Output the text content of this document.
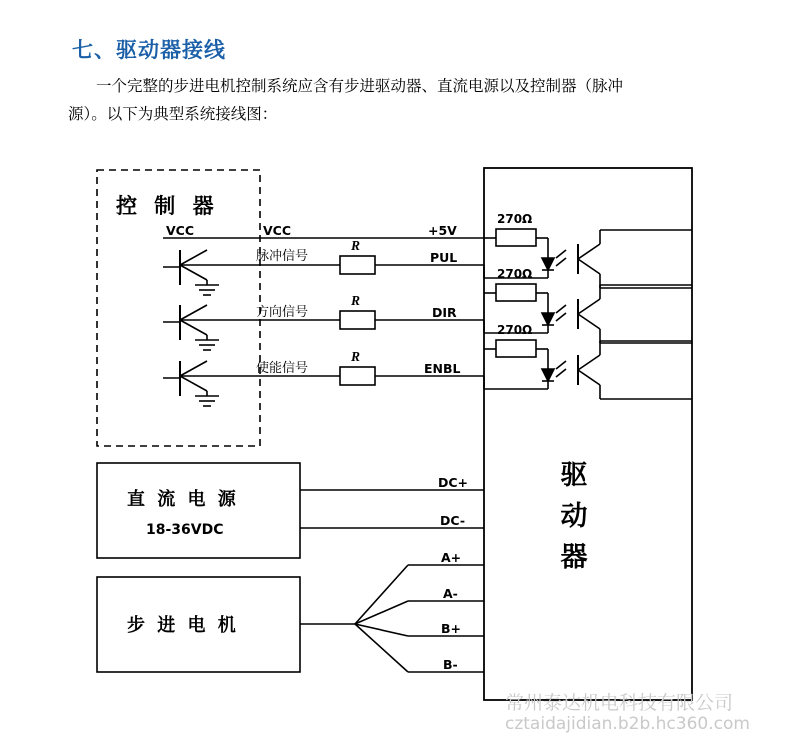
七、驱动器接线
一个完整的步进电机控制系统应含有步进驱动器、直流电源以及控制器（脉冲
源）。以下为典型系统接线图：
控 制 器
VCC	VCC
脉冲信号
方向信号
使能信号
R
R
R
+5V
PUL
DIR
ENBL
270Ω
270Ω
270Ω
DC+
DC-
A+
A-
B+
B-
驱
动
器
直 流 电 源
18-36VDC
步 进 电 机
常州泰达机电科技有限公司
cztaidajidian.b2b.hc360.com
